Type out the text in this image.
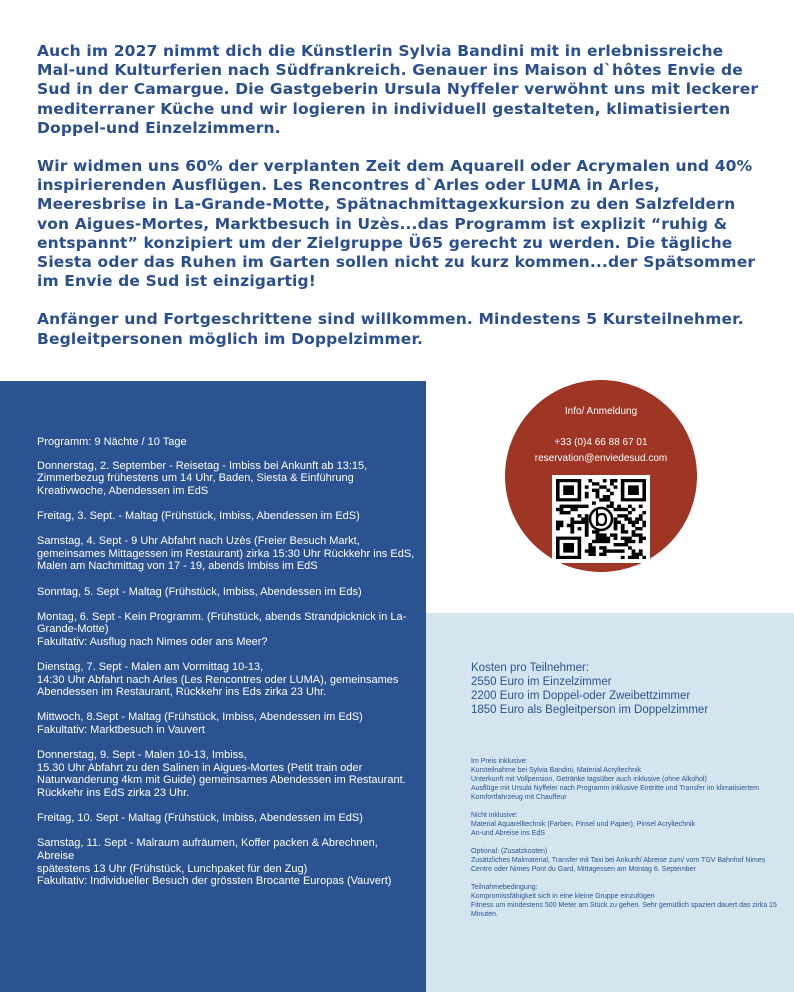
Auch im 2027 nimmt dich die Künstlerin Sylvia Bandini mit in erlebnissreiche Mal-und Kulturferien nach Südfrankreich. Genauer ins Maison d`hôtes Envie de Sud in der Camargue. Die Gastgeberin Ursula Nyffeler verwöhnt uns mit leckerer mediterraner Küche und wir logieren in individuell gestalteten, klimatisierten Doppel-und Einzelzimmern.

Wir widmen uns 60% der verplanten Zeit dem Aquarell oder Acrymalen und 40% inspirierenden Ausflügen. Les Rencontres d`Arles oder LUMA in Arles, Meeresbrise in La-Grande-Motte, Spätnachmittagexkursion zu den Salzfeldern von Aigues-Mortes, Marktbesuch in Uzès...das Programm ist explizit “ruhig & entspannt” konzipiert um der Zielgruppe Ü65 gerecht zu werden. Die tägliche Siesta oder das Ruhen im Garten sollen nicht zu kurz kommen...der Spätsommer im Envie de Sud ist einzigartig!

Anfänger und Fortgeschrittene sind willkommen. Mindestens 5 Kursteilnehmer. Begleitpersonen möglich im Doppelzimmer.

Programm: 9 Nächte / 10 Tage
Donnerstag, 2. September - Reisetag - Imbiss bei Ankunft ab 13:15,
Zimmerbezug frühestens um 14 Uhr, Baden, Siesta & Einführung
Kreativwoche, Abendessen im EdS
Freitag, 3. Sept. - Maltag (Frühstück, Imbiss, Abendessen im EdS)
Samstag, 4. Sept - 9 Uhr Abfahrt nach Uzès (Freier Besuch Markt,
gemeinsames Mittagessen im Restaurant) zirka 15:30 Uhr Rückkehr ins EdS,
Malen am Nachmittag von 17 - 19, abends Imbiss im EdS
Sonntag, 5. Sept - Maltag (Frühstück, Imbiss, Abendessen im Eds)
Montag, 6. Sept - Kein Programm. (Frühstück, abends Strandpicknick in La-
Grande-Motte)
Fakultativ: Ausflug nach Nimes oder ans Meer?
Dienstag, 7. Sept - Malen am Vormittag 10-13,
14:30 Uhr Abfahrt nach Arles (Les Rencontres oder LUMA), gemeinsames
Abendessen im Restaurant, Rückkehr ins Eds zirka 23 Uhr.
Mittwoch, 8.Sept - Maltag (Frühstück, Imbiss, Abendessen im EdS)
Fakultativ: Marktbesuch in Vauvert
Donnerstag, 9. Sept - Malen 10-13, Imbiss,
15.30 Uhr Abfahrt zu den Salinen in Aigues-Mortes (Petit train oder
Naturwanderung 4km mit Guide) gemeinsames Abendessen im Restaurant.
Rückkehr ins EdS zirka 23 Uhr.
Freitag, 10. Sept - Maltag (Frühstück, Imbiss, Abendessen im EdS)
Samstag, 11. Sept - Malraum aufräumen, Koffer packen & Abrechnen, Abreise
spätestens 13 Uhr (Frühstück, Lunchpaket für den Zug)
Fakultativ: Individueller Besuch der grössten Brocante Europas (Vauvert)
Kosten pro Teilnehmer:
2550 Euro im Einzelzimmer
2200 Euro im Doppel-oder Zweibettzimmer
1850 Euro als Begleitperson im Doppelzimmer
Im Preis inklusive:
Kursteilnahme bei Sylvia Bandini, Material Acryltechnik
Unterkunft mit Vollpension, Getränke tagsüber auch inklusive (ohne Alkohol)
Ausflüge mit Ursula Nyffeler nach Programm inklusive Eintritte und Transfer im klimatisiertem Komfortfahrzeug mit Chauffeur
Nicht inklusive:
Material Aquarelltechnik (Farben, Pinsel und Papier), Pinsel Acryltechnik
An-und Abreise ins EdS
Optional: (Zusatzkosten)
Zusätzliches Malmaterial, Transfer mit Taxi bei Ankunft/ Abreise zum/ vom TGV Bahnhof Nimes Centre oder Nimes Pont du Gard, Mittagessen am Montag 6. September
Teilnahmebedingung:
Kompromissfähigkeit sich in eine kleine Gruppe einzufügen
Fitness um mindestens 500 Meter am Stück zu gehen. Sehr gemütlich spaziert dauert das zirka 15 Minuten.
Info/ Anmeldung
+33 (0)4 66 88 67 01
reservation@enviedesud.com
